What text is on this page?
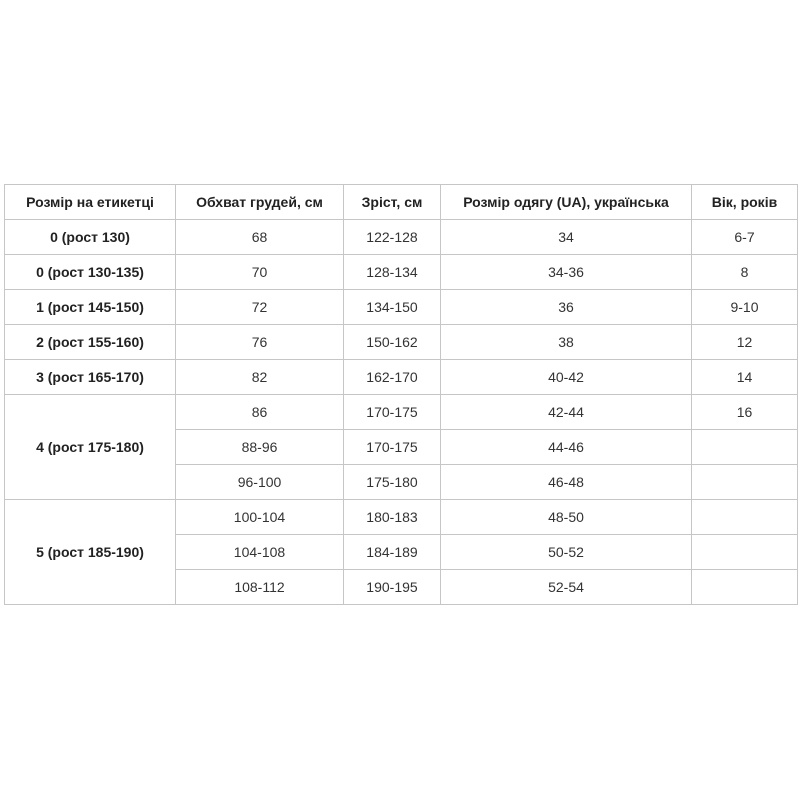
Розмір на етикетці	Обхват грудей, см	Зріст, см	Розмір одягу (UA), українська	Вік, років
0 (рост 130)	68	122-128	34	6-7
0 (рост 130-135)	70	128-134	34-36	8
1 (рост 145-150)	72	134-150	36	9-10
2 (рост 155-160)	76	150-162	38	12
3 (рост 165-170)	82	162-170	40-42	14
4 (рост 175-180)	86	170-175	42-44	16
	88-96	170-175	44-46	
	96-100	175-180	46-48	
5 (рост 185-190)	100-104	180-183	48-50	
	104-108	184-189	50-52	
	108-112	190-195	52-54	
